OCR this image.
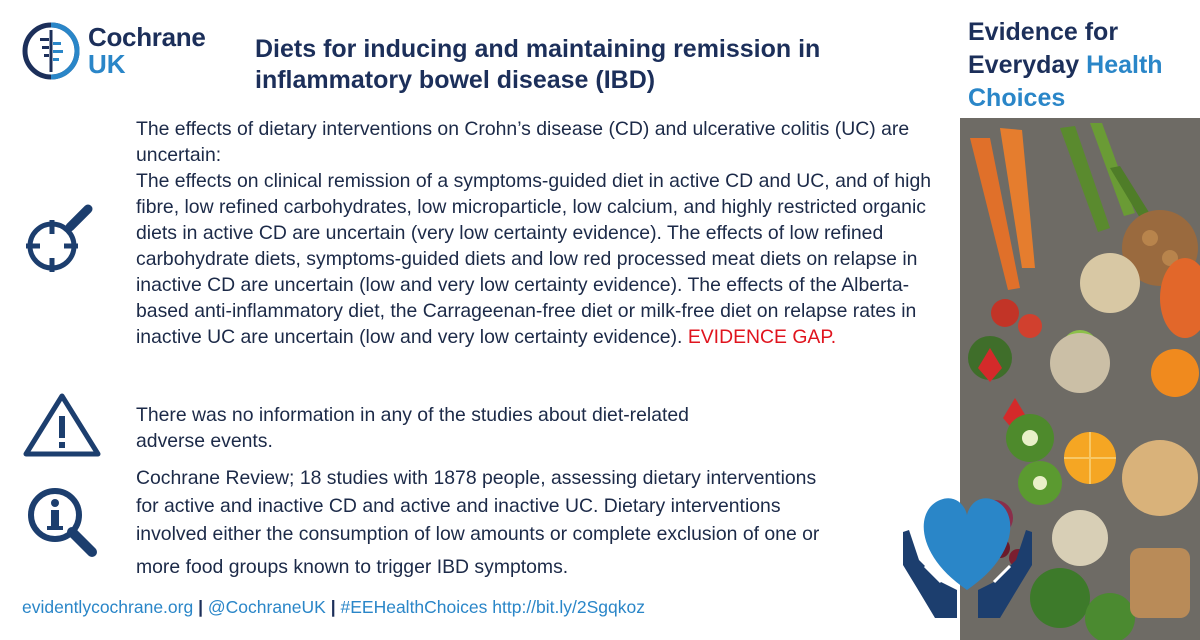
Cochrane
UK	Diets for inducing and maintaining remission in
inflammatory bowel disease (IBD)
Evidence for
Everyday Health
Choices
The effects of dietary interventions on Crohn’s disease (CD) and ulcerative colitis (UC) are uncertain:
The effects on clinical remission of a symptoms-guided diet in active CD and UC, and of high fibre, low refined carbohydrates, low microparticle, low calcium, and highly restricted organic diets in active CD are uncertain (very low certainty evidence). The effects of low refined carbohydrate diets, symptoms-guided diets and low red processed meat diets on relapse in inactive CD are uncertain (low and very low certainty evidence). The effects of the Alberta-based anti-inflammatory diet, the Carrageenan-free diet or milk-free diet on relapse rates in inactive UC are uncertain (low and very low certainty evidence). EVIDENCE GAP.
There was no information in any of the studies about diet-related
adverse events.
Cochrane Review; 18 studies with 1878 people, assessing dietary interventions
for active and inactive CD and active and inactive UC. Dietary interventions
involved either the consumption of low amounts or complete exclusion of one or
more food groups known to trigger IBD symptoms.
evidentlycochrane.org | @CochraneUK | #EEHealthChoices http://bit.ly/2Sgqkoz
